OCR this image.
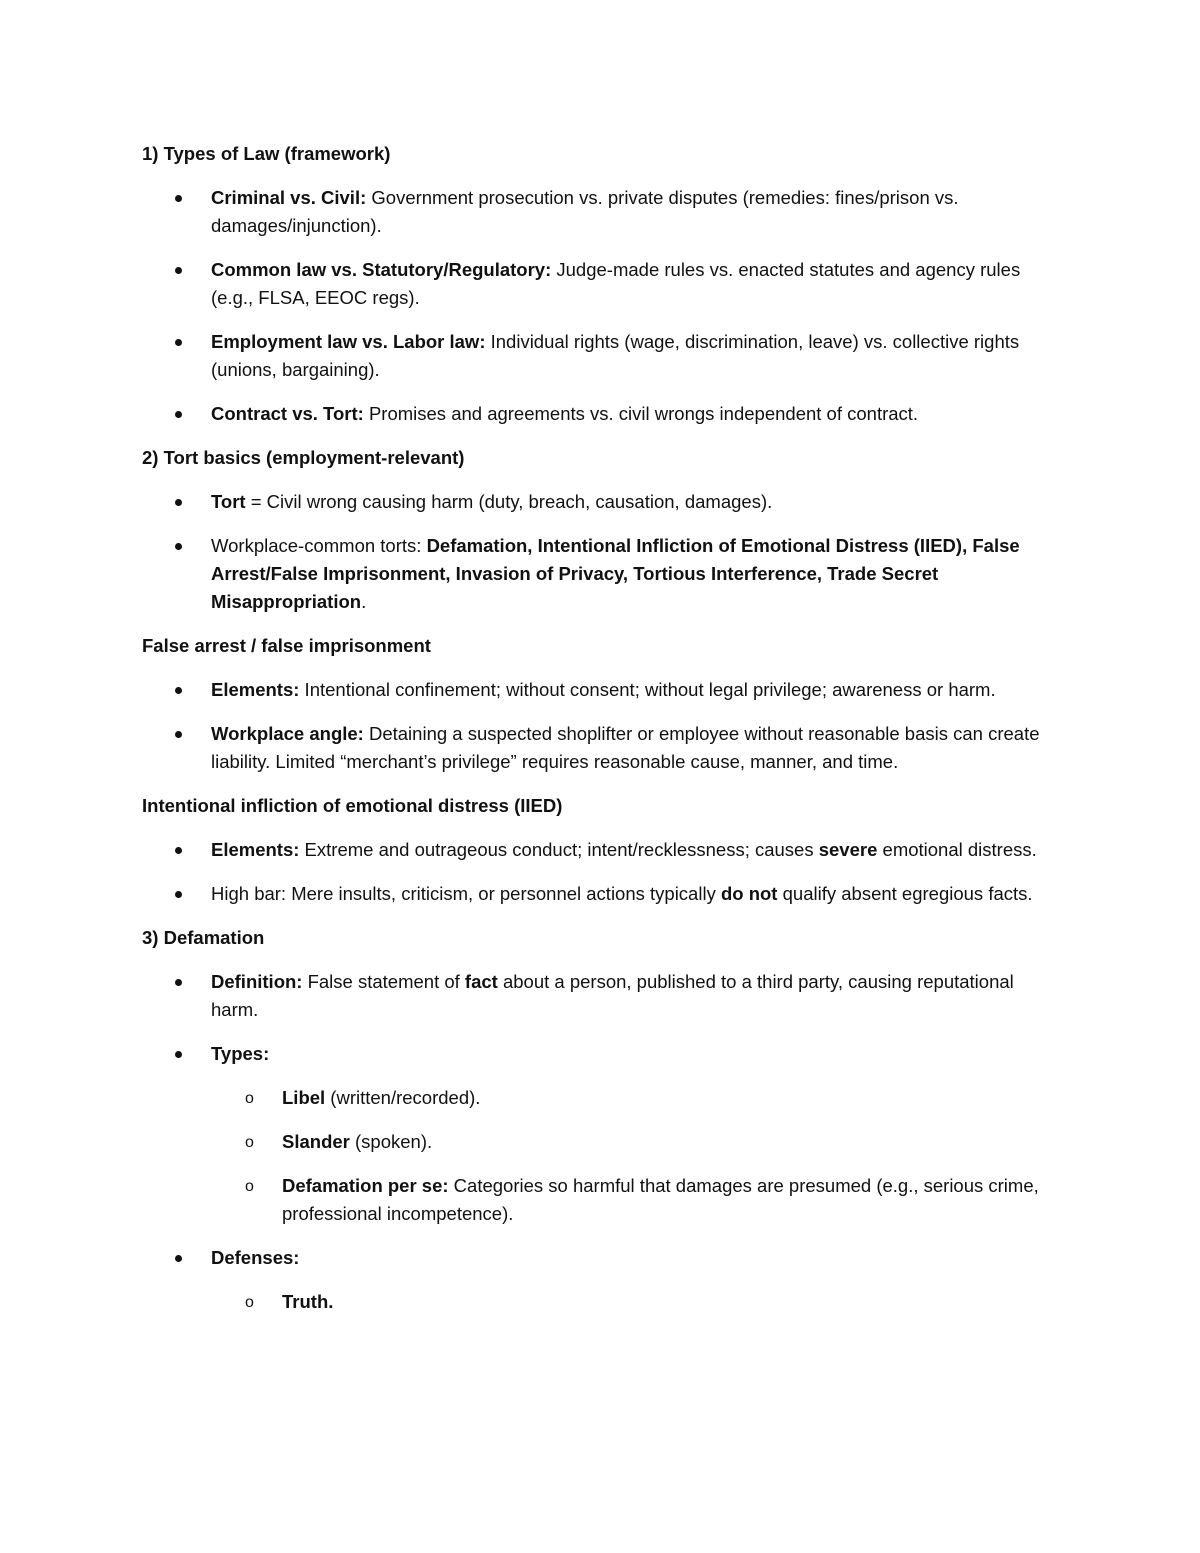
1) Types of Law (framework)

Criminal vs. Civil: Government prosecution vs. private disputes (remedies: fines/prison vs. damages/injunction).
Common law vs. Statutory/Regulatory: Judge-made rules vs. enacted statutes and agency rules (e.g., FLSA, EEOC regs).
Employment law vs. Labor law: Individual rights (wage, discrimination, leave) vs. collective rights (unions, bargaining).
Contract vs. Tort: Promises and agreements vs. civil wrongs independent of contract.

2) Tort basics (employment-relevant)

Tort = Civil wrong causing harm (duty, breach, causation, damages).
Workplace-common torts: Defamation, Intentional Infliction of Emotional Distress (IIED), False Arrest/False Imprisonment, Invasion of Privacy, Tortious Interference, Trade Secret Misappropriation.

False arrest / false imprisonment

Elements: Intentional confinement; without consent; without legal privilege; awareness or harm.
Workplace angle: Detaining a suspected shoplifter or employee without reasonable basis can create liability. Limited “merchant’s privilege” requires reasonable cause, manner, and time.

Intentional infliction of emotional distress (IIED)

Elements: Extreme and outrageous conduct; intent/recklessness; causes severe emotional distress.
High bar: Mere insults, criticism, or personnel actions typically do not qualify absent egregious facts.

3) Defamation

Definition: False statement of fact about a person, published to a third party, causing reputational harm.
Types:
o Libel (written/recorded).
o Slander (spoken).
o Defamation per se: Categories so harmful that damages are presumed (e.g., serious crime, professional incompetence).
Defenses:
o Truth.
